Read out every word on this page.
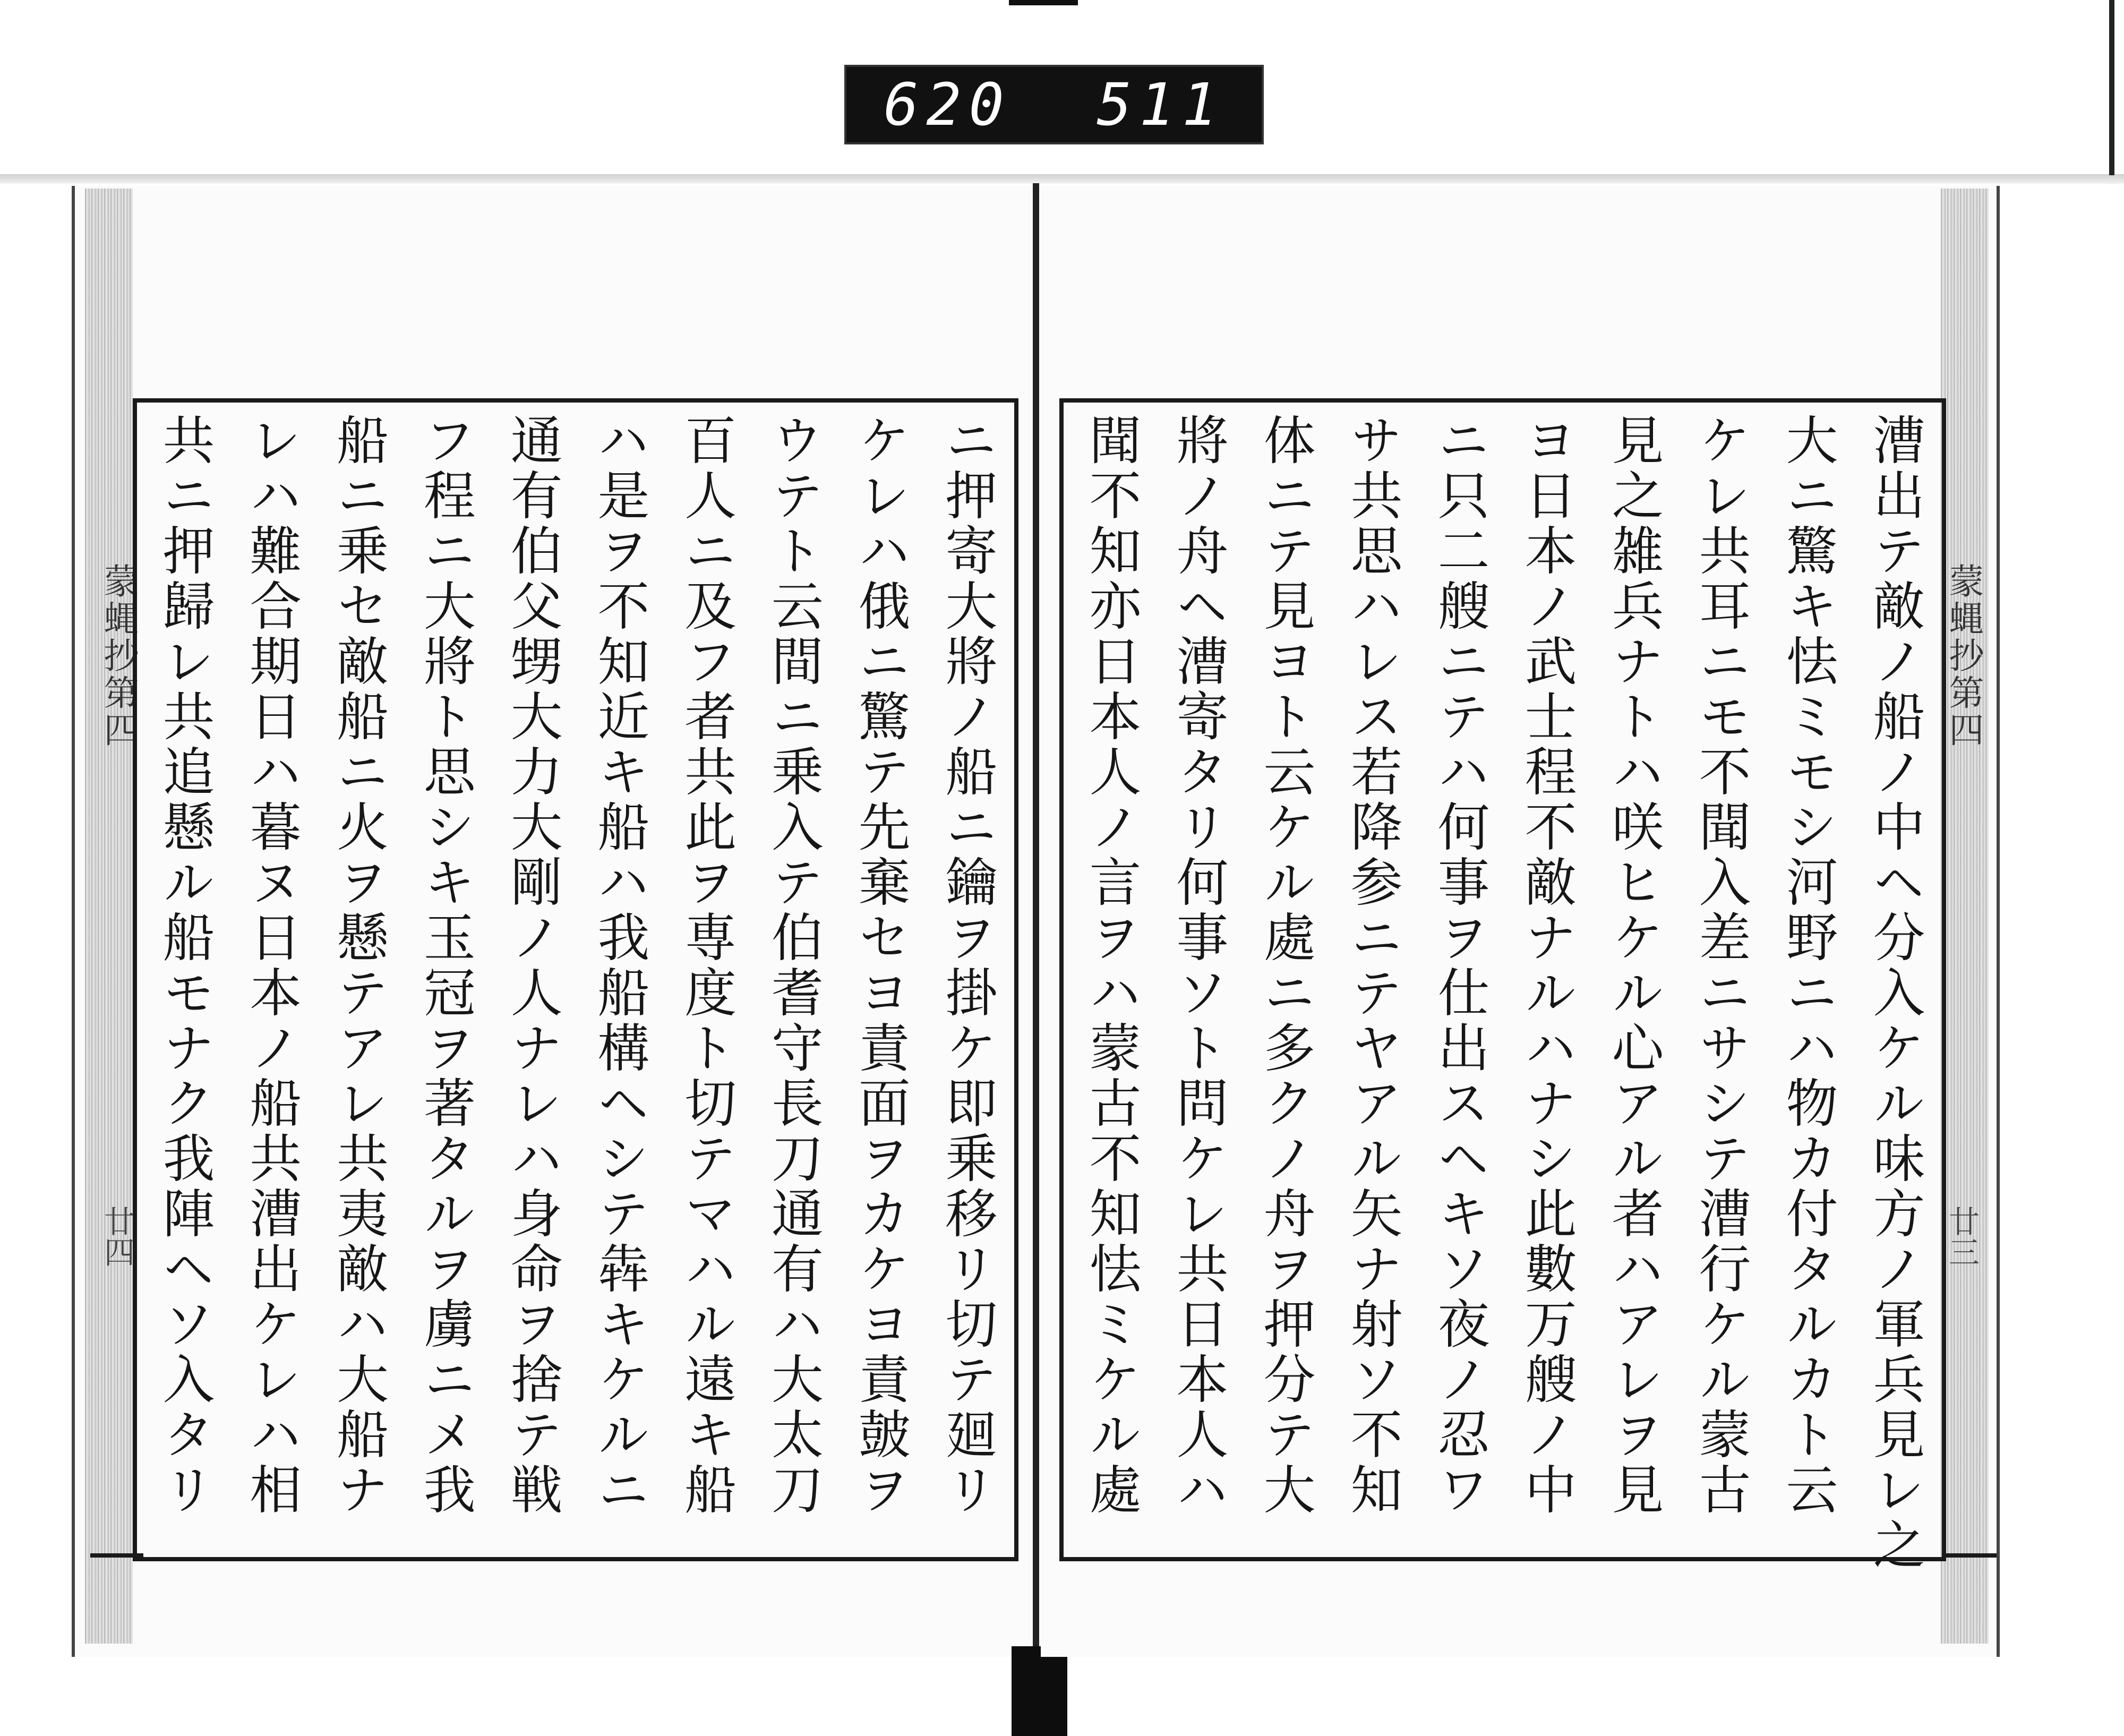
620 511
蒙蝿抄第四
廿四	ニ押寄大將ノ船ニ鑰ヲ掛ケ即乗移リ切テ廻リ
ケレハ俄ニ驚テ先棄セヨ責面ヲカケヨ責皷ヲ
ウテト云間ニ乗入テ伯耆守長刀通有ハ大太刀
百人ニ及フ者共此ヲ専度ト切テマハル遠キ船
ハ是ヲ不知近キ船ハ我船構ヘシテ犇キケルニ
通有伯父甥大力大剛ノ人ナレハ身命ヲ捨テ戦
フ程ニ大將ト思シキ玉冠ヲ著タルヲ虜ニメ我
船ニ乗セ敵船ニ火ヲ懸テアレ共夷敵ハ大船ナ
レハ難合期日ハ暮ヌ日本ノ船共漕出ケレハ相
共ニ押歸レ共追懸ル船モナク我陣ヘソ入タリ	蒙蝿抄第四
廿三
漕出テ敵ノ船ノ中ヘ分入ケル味方ノ軍兵見レ之
大ニ驚キ怯ミモシ河野ニハ物カ付タルカト云
ケレ共耳ニモ不聞入差ニサシテ漕行ケル蒙古
見之雑兵ナトハ咲ヒケル心アル者ハアレヲ見
ヨ日本ノ武士程不敵ナルハナシ此數万艘ノ中
ニ只二艘ニテハ何事ヲ仕出スヘキソ夜ノ忍ワ
サ共思ハレス若降参ニテヤアル矢ナ射ソ不知
体ニテ見ヨト云ケル處ニ多クノ舟ヲ押分テ大
將ノ舟ヘ漕寄タリ何事ソト問ケレ共日本人ハ
聞不知亦日本人ノ言ヲハ蒙古不知怯ミケル處
